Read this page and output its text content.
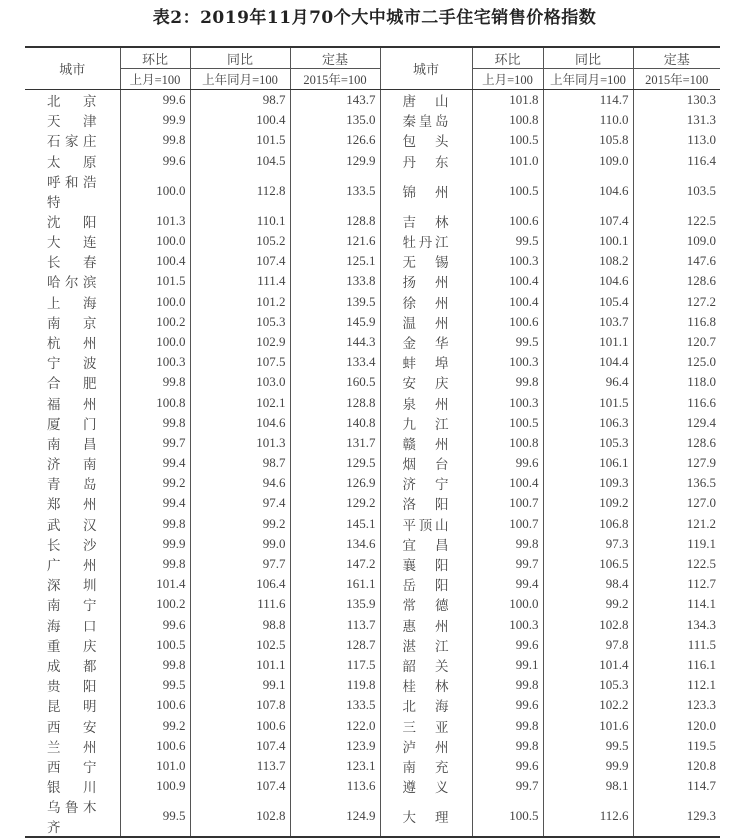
表2：2019年11月70个大中城市二手住宅销售价格指数
城市	环比	同比	定基	城市	环比	同比	定基
	上月=100	上年同月=100	2015年=100		上月=100	上年同月=100	2015年=100
北京	99.6	98.7	143.7	唐山	101.8	114.7	130.3
天津	99.9	100.4	135.0	秦皇岛	100.8	110.0	131.3
石家庄	99.8	101.5	126.6	包头	100.5	105.8	113.0
太原	99.6	104.5	129.9	丹东	101.0	109.0	116.4
呼和浩特	100.0	112.8	133.5	锦州	100.5	104.6	103.5
沈阳	101.3	110.1	128.8	吉林	100.6	107.4	122.5
大连	100.0	105.2	121.6	牡丹江	99.5	100.1	109.0
长春	100.4	107.4	125.1	无锡	100.3	108.2	147.6
哈尔滨	101.5	111.4	133.8	扬州	100.4	104.6	128.6
上海	100.0	101.2	139.5	徐州	100.4	105.4	127.2
南京	100.2	105.3	145.9	温州	100.6	103.7	116.8
杭州	100.0	102.9	144.3	金华	99.5	101.1	120.7
宁波	100.3	107.5	133.4	蚌埠	100.3	104.4	125.0
合肥	99.8	103.0	160.5	安庆	99.8	96.4	118.0
福州	100.8	102.1	128.8	泉州	100.3	101.5	116.6
厦门	99.8	104.6	140.8	九江	100.5	106.3	129.4
南昌	99.7	101.3	131.7	赣州	100.8	105.3	128.6
济南	99.4	98.7	129.5	烟台	99.6	106.1	127.9
青岛	99.2	94.6	126.9	济宁	100.4	109.3	136.5
郑州	99.4	97.4	129.2	洛阳	100.7	109.2	127.0
武汉	99.8	99.2	145.1	平顶山	100.7	106.8	121.2
长沙	99.9	99.0	134.6	宜昌	99.8	97.3	119.1
广州	99.8	97.7	147.2	襄阳	99.7	106.5	122.5
深圳	101.4	106.4	161.1	岳阳	99.4	98.4	112.7
南宁	100.2	111.6	135.9	常德	100.0	99.2	114.1
海口	99.6	98.8	113.7	惠州	100.3	102.8	134.3
重庆	100.5	102.5	128.7	湛江	99.6	97.8	111.5
成都	99.8	101.1	117.5	韶关	99.1	101.4	116.1
贵阳	99.5	99.1	119.8	桂林	99.8	105.3	112.1
昆明	100.6	107.8	133.5	北海	99.6	102.2	123.3
西安	99.2	100.6	122.0	三亚	99.8	101.6	120.0
兰州	100.6	107.4	123.9	泸州	99.8	99.5	119.5
西宁	101.0	113.7	123.1	南充	99.6	99.9	120.8
银川	100.9	107.4	113.6	遵义	99.7	98.1	114.7
乌鲁木齐	99.5	102.8	124.9	大理	100.5	112.6	129.3
